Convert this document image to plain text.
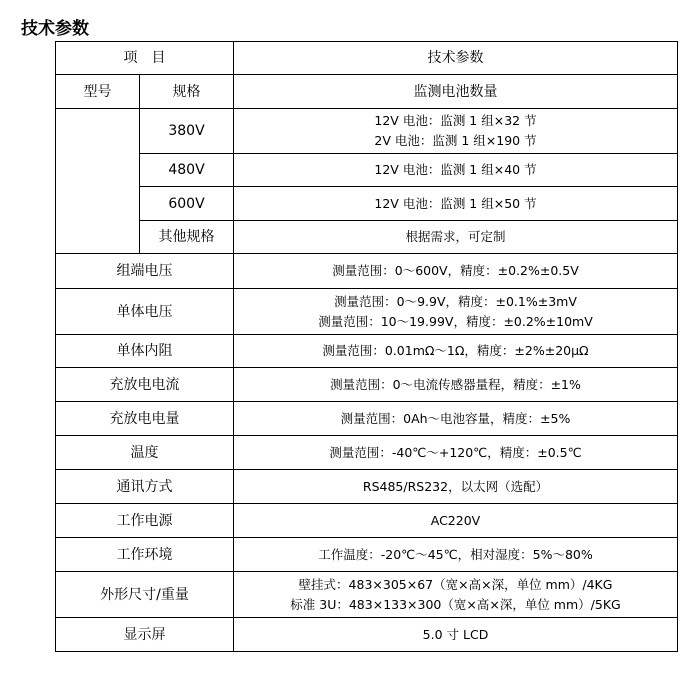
技术参数
项　目		技术参数
型号	规格	监测电池数量
	380V	12V 电池：监测 1 组×32 节
2V 电池：监测 1 组×190 节

	480V	12V 电池：监测 1 组×40 节
	600V	12V 电池：监测 1 组×50 节
	其他规格	根据需求，可定制
组端电压		测量范围：0～600V，精度：±0.2%±0.5V
单体电压		测量范围：0～9.9V，精度：±0.1%±3mV
测量范围：10～19.99V，精度：±0.2%±10mV

单体内阻		测量范围：0.01mΩ～1Ω，精度：±2%±20μΩ
充放电电流		测量范围：0～电流传感器量程，精度：±1%
充放电电量		测量范围：0Ah～电池容量，精度：±5%
温度		测量范围：-40℃～+120℃，精度：±0.5℃
通讯方式		RS485/RS232，以太网（选配）
工作电源		AC220V
工作环境		工作温度：-20℃～45℃，相对湿度：5%～80%
外形尺寸/重量		壁挂式：483×305×67（宽×高×深，单位 mm）/4KG
标准 3U：483×133×300（宽×高×深，单位 mm）/5KG

显示屏		5.0 寸 LCD
